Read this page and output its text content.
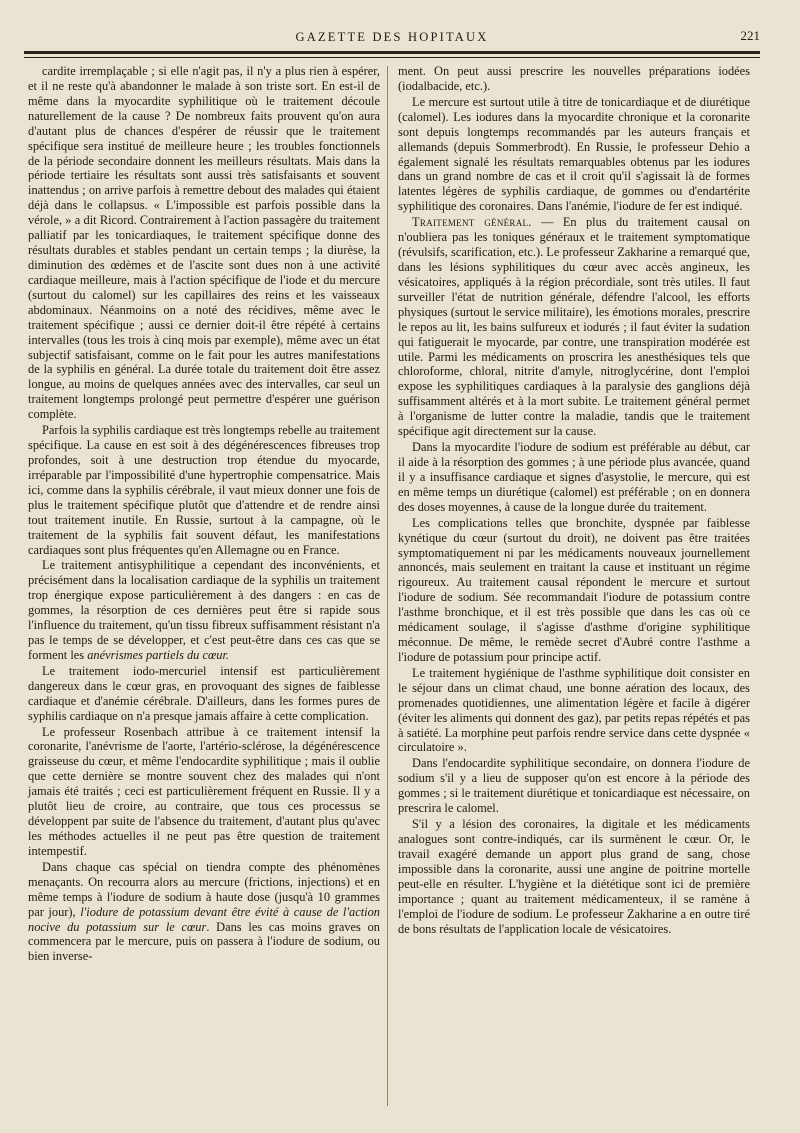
GAZETTE DES HOPITAUX	221

cardite irremplaçable ; si elle n'agit pas, il n'y a plus rien à espérer, et il ne reste qu'à abandonner le malade à son triste sort. En est-il de même dans la myocardite syphilitique où le traitement découle naturellement de la cause ? De nombreux faits prouvent qu'on aura d'autant plus de chances d'espérer de réussir que le traitement spécifique sera institué de meilleure heure ; les troubles fonctionnels de la période secondaire donnent les meilleurs résultats. Mais dans la période tertiaire les résultats sont aussi très satisfaisants et souvent inattendus ; on arrive parfois à remettre debout des malades qui étaient déjà dans le collapsus. « L'impossible est parfois possible dans la vérole, » a dit Ricord. Contrairement à l'action passagère du traitement palliatif par les tonicardiaques, le traitement spécifique donne des résultats durables et stables pendant un certain temps ; la diurèse, la diminution des œdèmes et de l'ascite sont dues non à une activité cardiaque meilleure, mais à l'action spécifique de l'iode et du mercure (surtout du calomel) sur les capillaires des reins et les vaisseaux abdominaux. Néanmoins on a noté des récidives, même avec le traitement spécifique ; aussi ce dernier doit-il être répété à certains intervalles (tous les trois à cinq mois par exemple), même avec un état subjectif satisfaisant, comme on le fait pour les autres manifestations de la syphilis en général. La durée totale du traitement doit être assez longue, au moins de quelques années avec des intervalles, car seul un traitement longtemps prolongé peut permettre d'espérer une guérison complète.

Parfois la syphilis cardiaque est très longtemps rebelle au traitement spécifique. La cause en est soit à des dégénérescences fibreuses trop profondes, soit à une destruction trop étendue du myocarde, irréparable par l'impossibilité d'une hypertrophie compensatrice. Mais ici, comme dans la syphilis cérébrale, il vaut mieux donner une fois de plus le traitement spécifique plutôt que d'attendre et de rendre ainsi tout traitement inutile. En Russie, surtout à la campagne, où le traitement de la syphilis fait souvent défaut, les manifestations cardiaques sont plus fréquentes qu'en Allemagne ou en France.

Le traitement antisyphilitique a cependant des inconvénients, et précisément dans la localisation cardiaque de la syphilis un traitement trop énergique expose particulièrement à des dangers : en cas de gommes, la résorption de ces dernières peut être si rapide sous l'influence du traitement, qu'un tissu fibreux suffisamment résistant n'a pas le temps de se développer, et c'est peut-être dans ces cas que se forment les anévrismes partiels du cœur.

Le traitement iodo-mercuriel intensif est particulièrement dangereux dans le cœur gras, en provoquant des signes de faiblesse cardiaque et d'anémie cérébrale. D'ailleurs, dans les formes pures de syphilis cardiaque on n'a presque jamais affaire à cette complication.

Le professeur Rosenbach attribue à ce traitement intensif la coronarite, l'anévrisme de l'aorte, l'artério-sclérose, la dégénérescence graisseuse du cœur, et même l'endocardite syphilitique ; mais il oublie que cette dernière se montre souvent chez des malades qui n'ont jamais été traités ; ceci est particulièrement fréquent en Russie. Il y a plutôt lieu de croire, au contraire, que tous ces processus se développent par suite de l'absence du traitement, d'autant plus qu'avec les méthodes actuelles il ne peut pas être question de traitement intempestif.

Dans chaque cas spécial on tiendra compte des phénomènes menaçants. On recourra alors au mercure (frictions, injections) et en même temps à l'iodure de sodium à haute dose (jusqu'à 10 grammes par jour), l'iodure de potassium devant être évité à cause de l'action nocive du potassium sur le cœur. Dans les cas moins graves on commencera par le mercure, puis on passera à l'iodure de sodium, ou bien inverse-

ment. On peut aussi prescrire les nouvelles préparations iodées (iodalbacide, etc.).

Le mercure est surtout utile à titre de tonicardiaque et de diurétique (calomel). Les iodures dans la myocardite chronique et la coronarite sont depuis longtemps recommandés par les auteurs français et allemands (depuis Sommerbrodt). En Russie, le professeur Dehio a également signalé les résultats remarquables obtenus par les iodures dans un grand nombre de cas et il croit qu'il s'agissait là de formes latentes légères de syphilis cardiaque, de gommes ou d'endartérite syphilitique des coronaires. Dans l'anémie, l'iodure de fer est indiqué.

Traitement général. — En plus du traitement causal on n'oubliera pas les toniques généraux et le traitement symptomatique (révulsifs, scarification, etc.). Le professeur Zakharine a remarqué que, dans les lésions syphilitiques du cœur avec accès angineux, les vésicatoires, appliqués à la région précordiale, sont très utiles. Il faut surveiller l'état de nutrition générale, défendre l'alcool, les efforts physiques (surtout le service militaire), les émotions morales, prescrire le repos au lit, les bains sulfureux et iodurés ; il faut éviter la sudation qui fatiguerait le myocarde, par contre, une transpiration modérée est utile. Parmi les médicaments on proscrira les anesthésiques tels que chloroforme, chloral, nitrite d'amyle, nitroglycérine, dont l'emploi expose les syphilitiques cardiaques à la paralysie des ganglions déjà suffisamment altérés et à la mort subite. Le traitement général permet à l'organisme de lutter contre la maladie, tandis que le traitement spécifique agit directement sur la cause.

Dans la myocardite l'iodure de sodium est préférable au début, car il aide à la résorption des gommes ; à une période plus avancée, quand il y a insuffisance cardiaque et signes d'asystolie, le mercure, qui est en même temps un diurétique (calomel) est préférable ; on en donnera des doses moyennes, à cause de la longue durée du traitement.

Les complications telles que bronchite, dyspnée par faiblesse kynétique du cœur (surtout du droit), ne doivent pas être traitées symptomatiquement ni par les médicaments nouveaux journellement annoncés, mais seulement en traitant la cause et instituant un régime rigoureux. Au traitement causal répondent le mercure et surtout l'iodure de sodium. Sée recommandait l'iodure de potassium contre l'asthme bronchique, et il est très possible que dans les cas où ce médicament soulage, il s'agisse d'asthme d'origine syphilitique méconnue. De même, le remède secret d'Aubré contre l'asthme a l'iodure de potassium pour principe actif.

Le traitement hygiénique de l'asthme syphilitique doit consister en le séjour dans un climat chaud, une bonne aération des locaux, des promenades quotidiennes, une alimentation légère et facile à digérer (éviter les aliments qui donnent des gaz), par petits repas répétés et pas à satiété. La morphine peut parfois rendre service dans cette dyspnée « circulatoire ».

Dans l'endocardite syphilitique secondaire, on donnera l'iodure de sodium s'il y a lieu de supposer qu'on est encore à la période des gommes ; si le traitement diurétique et tonicardiaque est nécessaire, on prescrira le calomel.

S'il y a lésion des coronaires, la digitale et les médicaments analogues sont contre-indiqués, car ils surmènent le cœur. Or, le travail exagéré demande un apport plus grand de sang, chose impossible dans la coronarite, aussi une angine de poitrine mortelle peut-elle en résulter. L'hygiène et la diététique sont ici de première importance ; quant au traitement médicamenteux, il se ramène à l'emploi de l'iodure de sodium. Le professeur Zakharine a en outre tiré de bons résultats de l'application locale de vésicatoires.
